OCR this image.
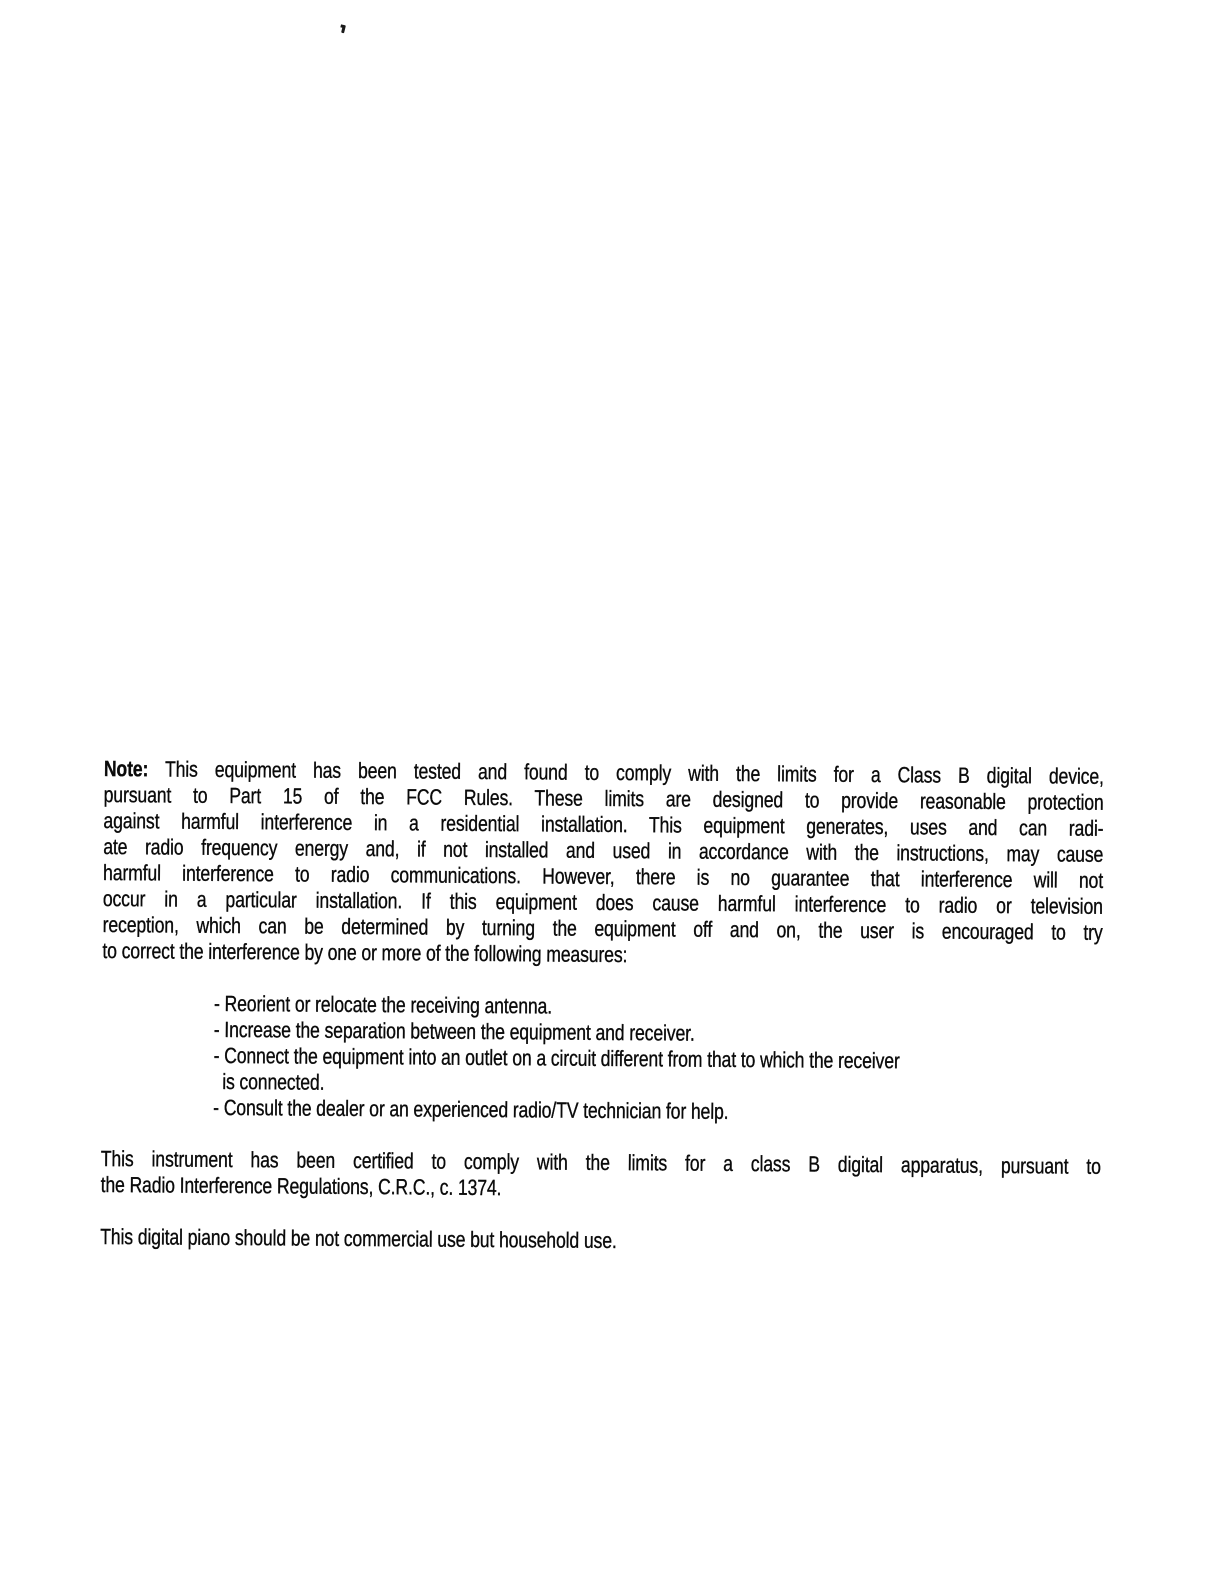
Note: This equipment has been tested and found to comply with the limits for a Class B digital device,
pursuant to Part 15 of the FCC Rules. These limits are designed to provide reasonable protection
against harmful interference in a residential installation. This equipment generates, uses and can radi-
ate radio frequency energy and, if not installed and used in accordance with the instructions, may cause
harmful interference to radio communications. However, there is no guarantee that interference will not
occur in a particular installation. If this equipment does cause harmful interference to radio or television
reception, which can be determined by turning the equipment off and on, the user is encouraged to try
to correct the interference by one or more of the following measures:
- Reorient or relocate the receiving antenna.
- Increase the separation between the equipment and receiver.
- Connect the equipment into an outlet on a circuit different from that to which the receiver
is connected.
- Consult the dealer or an experienced radio/TV technician for help.
This instrument has been certified to comply with the limits for a class B digital apparatus, pursuant to
the Radio Interference Regulations, C.R.C., c. 1374.
This digital piano should be not commercial use but household use.
